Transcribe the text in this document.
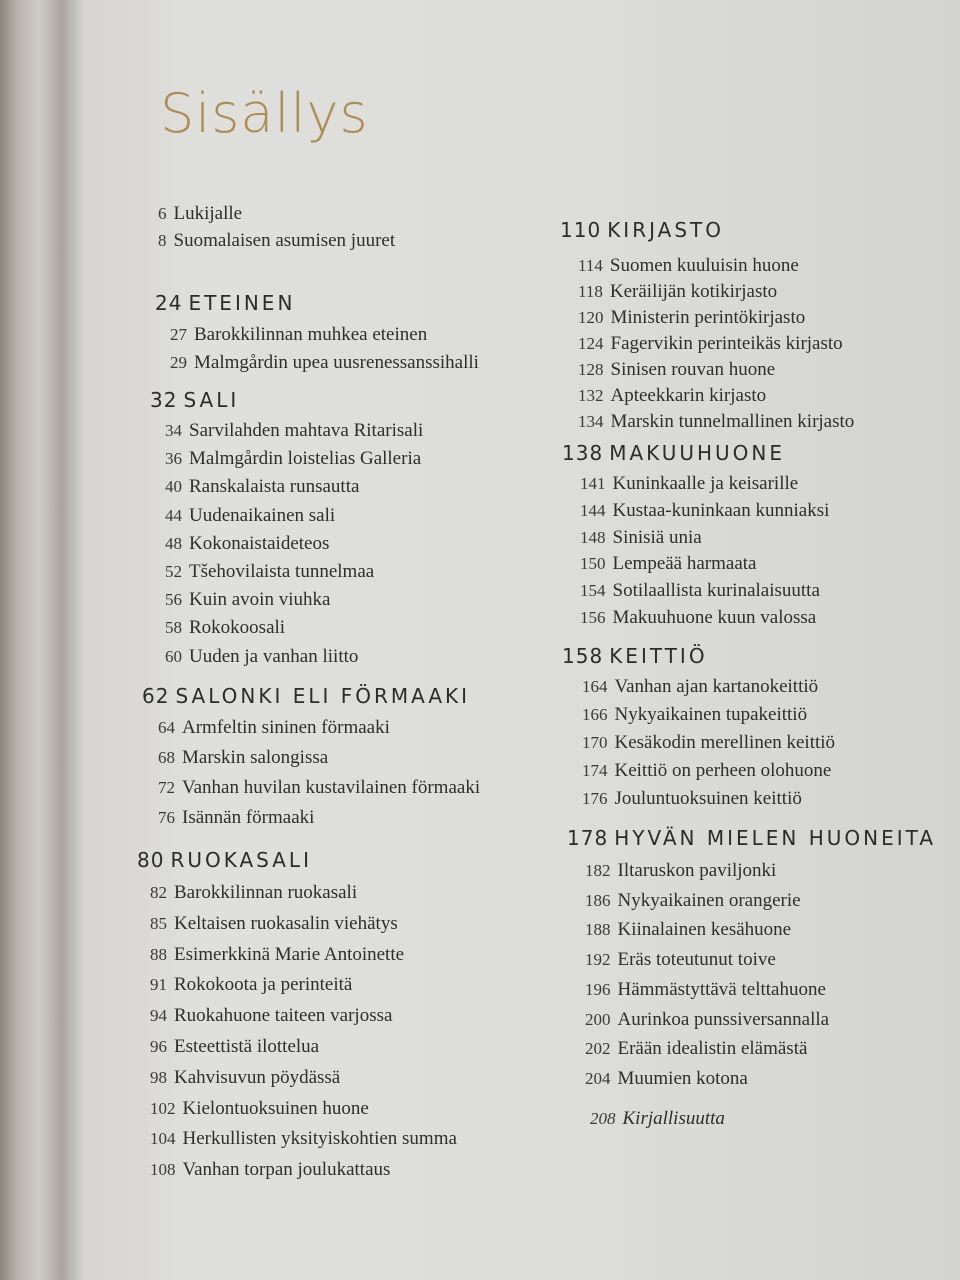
Sisällys
6 Lukijalle
8 Suomalaisen asumisen juuret
24 ETEINEN
27 Barokkilinnan muhkea eteinen
29 Malmgårdin upea uusrenessanssihalli
32 SALI
34 Sarvilahden mahtava Ritarisali
36 Malmgårdin loistelias Galleria
40 Ranskalaista runsautta
44 Uudenaikainen sali
48 Kokonaistaideteos
52 Tšehovilaista tunnelmaa
56 Kuin avoin viuhka
58 Rokokoosali
60 Uuden ja vanhan liitto
62 SALONKI ELI FÖRMAAKI
64 Armfeltin sininen förmaaki
68 Marskin salongissa
72 Vanhan huvilan kustavilainen förmaaki
76 Isännän förmaaki
80 RUOKASALI
82 Barokkilinnan ruokasali
85 Keltaisen ruokasalin viehätys
88 Esimerkkinä Marie Antoinette
91 Rokokoota ja perinteitä
94 Ruokahuone taiteen varjossa
96 Esteettistä ilottelua
98 Kahvisuvun pöydässä
102 Kielontuoksuinen huone
104 Herkullisten yksityiskohtien summa
108 Vanhan torpan joulukattaus
110 KIRJASTO
114 Suomen kuuluisin huone
118 Keräilijän kotikirjasto
120 Ministerin perintökirjasto
124 Fagervikin perinteikäs kirjasto
128 Sinisen rouvan huone
132 Apteekkarin kirjasto
134 Marskin tunnelmallinen kirjasto
138 MAKUUHUONE
141 Kuninkaalle ja keisarille
144 Kustaa-kuninkaan kunniaksi
148 Sinisiä unia
150 Lempeää harmaata
154 Sotilaallista kurinalaisuutta
156 Makuuhuone kuun valossa
158 KEITTIÖ
164 Vanhan ajan kartanokeittiö
166 Nykyaikainen tupakeittiö
170 Kesäkodin merellinen keittiö
174 Keittiö on perheen olohuone
176 Jouluntuoksuinen keittiö
178 HYVÄN MIELEN HUONEITA
182 Iltaruskon paviljonki
186 Nykyaikainen orangerie
188 Kiinalainen kesähuone
192 Eräs toteutunut toive
196 Hämmästyttävä telttahuone
200 Aurinkoa punssiversannalla
202 Erään idealistin elämästä
204 Muumien kotona
208 Kirjallisuutta
